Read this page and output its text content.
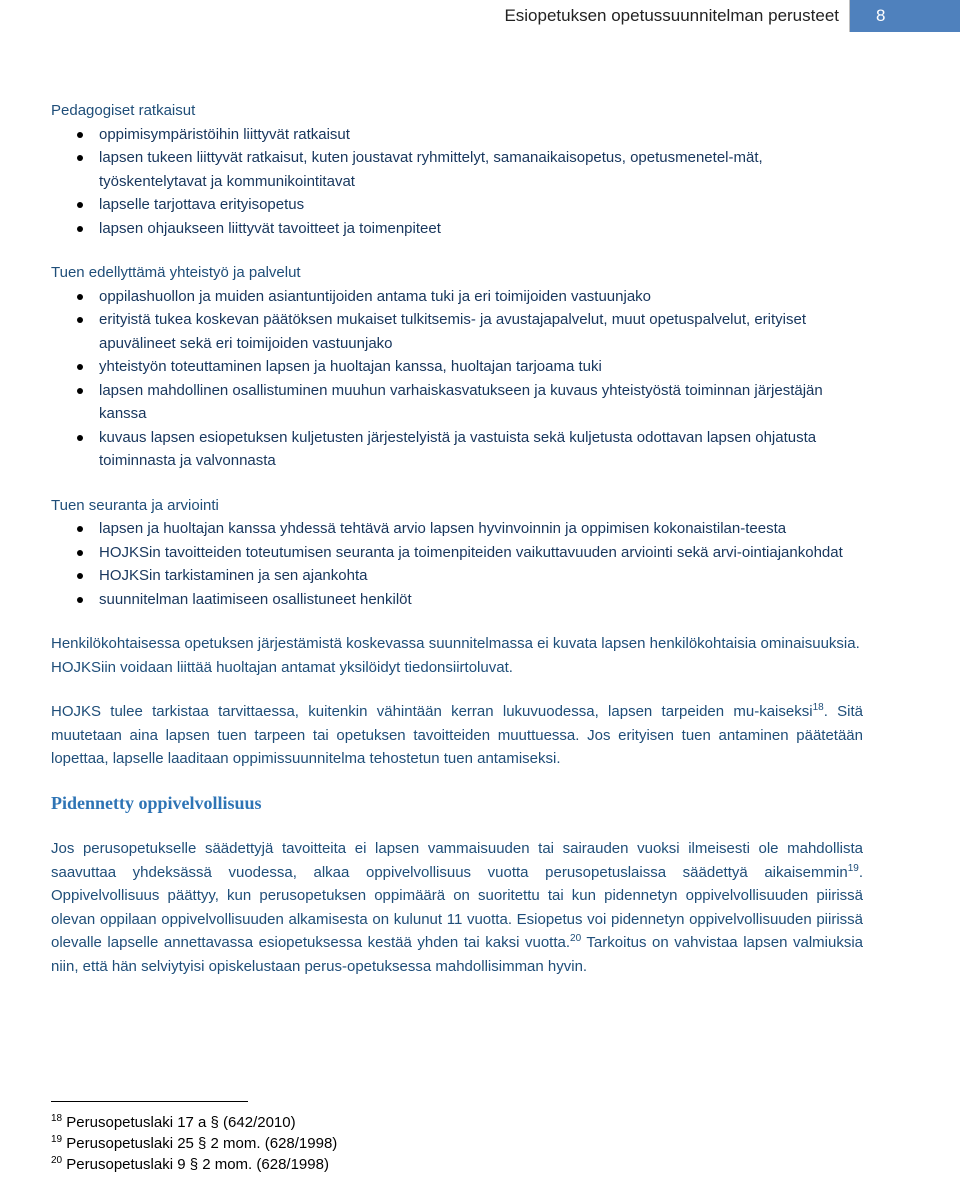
Esiopetuksen opetussuunnitelman perusteet	8
Pedagogiset ratkaisut
oppimisympäristöihin liittyvät ratkaisut
lapsen tukeen liittyvät ratkaisut, kuten joustavat ryhmittelyt, samanaikaisopetus, opetusmenetel-mät, työskentelytavat ja kommunikointitavat
lapselle tarjottava erityisopetus
lapsen ohjaukseen liittyvät tavoitteet ja toimenpiteet
Tuen edellyttämä yhteistyö ja palvelut
oppilashuollon ja muiden asiantuntijoiden antama tuki ja eri toimijoiden vastuunjako
erityistä tukea koskevan päätöksen mukaiset tulkitsemis- ja avustajapalvelut, muut opetuspalvelut, erityiset apuvälineet sekä eri toimijoiden vastuunjako
yhteistyön toteuttaminen lapsen ja huoltajan kanssa, huoltajan tarjoama tuki
lapsen mahdollinen osallistuminen muuhun varhaiskasvatukseen ja kuvaus yhteistyöstä toiminnan järjestäjän kanssa
kuvaus lapsen esiopetuksen kuljetusten järjestelyistä ja vastuista sekä kuljetusta odottavan lapsen ohjatusta toiminnasta ja valvonnasta
Tuen seuranta ja arviointi
lapsen ja huoltajan kanssa yhdessä tehtävä arvio lapsen hyvinvoinnin ja oppimisen kokonaistilan-teesta
HOJKSin tavoitteiden toteutumisen seuranta ja toimenpiteiden vaikuttavuuden arviointi sekä arvi-ointiajankohdat
HOJKSin tarkistaminen ja sen ajankohta
suunnitelman laatimiseen osallistuneet henkilöt

Henkilökohtaisessa opetuksen järjestämistä koskevassa suunnitelmassa ei kuvata lapsen henkilökohtaisia ominaisuuksia. HOJKSiin voidaan liittää huoltajan antamat yksilöidyt tiedonsiirtoluvat.

HOJKS tulee tarkistaa tarvittaessa, kuitenkin vähintään kerran lukuvuodessa, lapsen tarpeiden mu-kaiseksi$^{18}$. Sitä muutetaan aina lapsen tuen tarpeen tai opetuksen tavoitteiden muuttuessa. Jos erityisen tuen antaminen päätetään lopettaa, lapselle laaditaan oppimissuunnitelma tehostetun tuen antamiseksi.

Pidennetty oppivelvollisuus

Jos perusopetukselle säädettyjä tavoitteita ei lapsen vammaisuuden tai sairauden vuoksi ilmeisesti ole mahdollista saavuttaa yhdeksässä vuodessa, alkaa oppivelvollisuus vuotta perusopetuslaissa säädettyä aikaisemmin$^{19}$. Oppivelvollisuus päättyy, kun perusopetuksen oppimäärä on suoritettu tai kun pidennetyn oppivelvollisuuden piirissä olevan oppilaan oppivelvollisuuden alkamisesta on kulunut 11 vuotta. Esiopetus voi pidennetyn oppivelvollisuuden piirissä olevalle lapselle annettavassa esiopetuksessa kestää yhden tai kaksi vuotta.$^{20}$ Tarkoitus on vahvistaa lapsen valmiuksia niin, että hän selviytyisi opiskelustaan perus-opetuksessa mahdollisimman hyvin.

$^{18}$ Perusopetuslaki 17 a § (642/2010)
$^{19}$ Perusopetuslaki 25 § 2 mom. (628/1998)
$^{20}$ Perusopetuslaki 9 § 2 mom. (628/1998)
